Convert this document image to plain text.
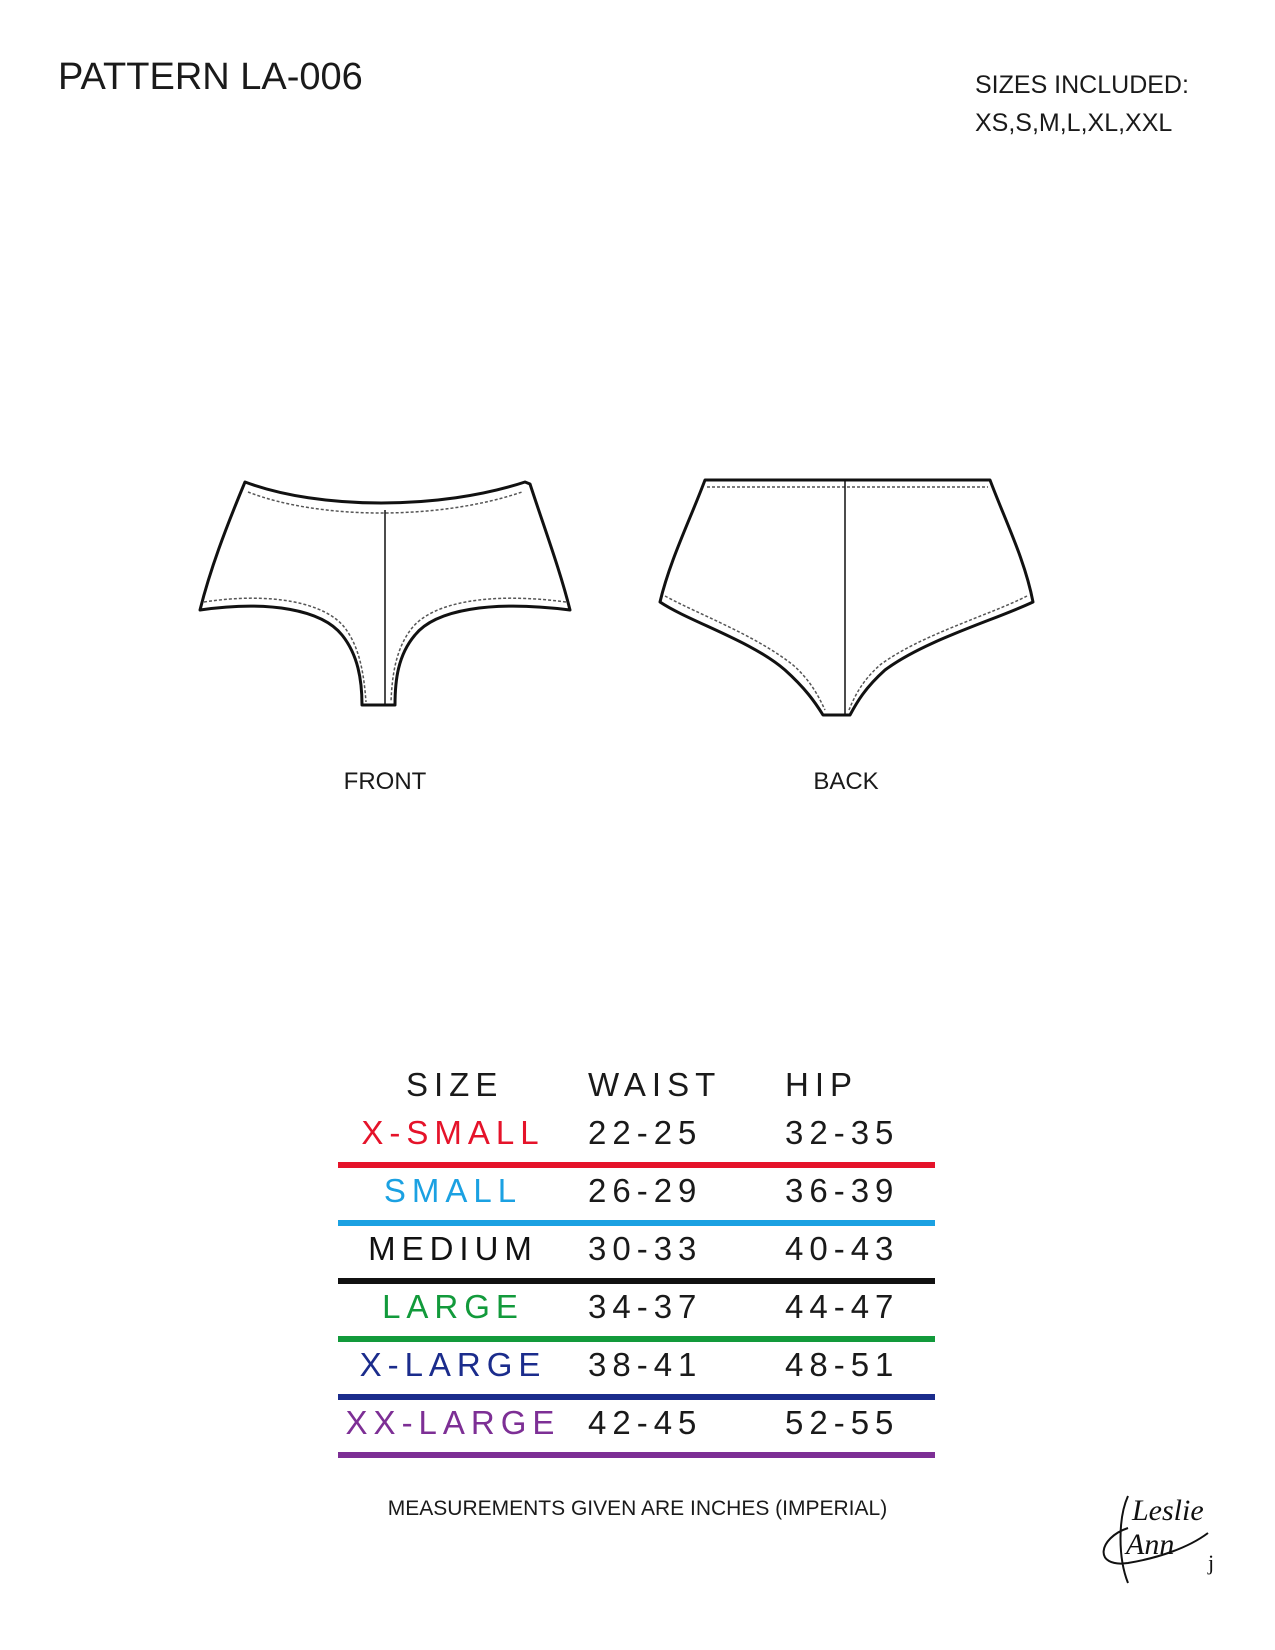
PATTERN LA-006	SIZES INCLUDED:
XS,S,M,L,XL,XXL
FRONT	BACK
SIZE	WAIST HIP
X-SMALL	22-25	32-35
SMALL	26-29	36-39
MEDIUM	30-33	40-43
LARGE	34-37	44-47
X-LARGE	38-41	48-51
XX-LARGE 42-45	52-55
MEASUREMENTS GIVEN ARE INCHES (IMPERIAL)	Leslie
Ann
j
